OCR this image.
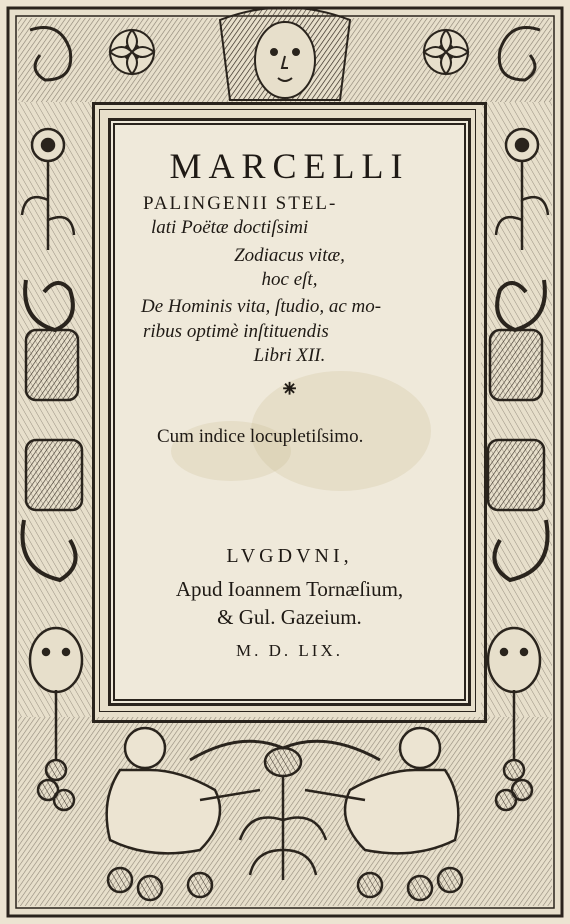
MARCELLI
PALINGENII STEL-
lati Poëtæ doctiſsimi
Zodiacus vitæ,
hoc eſt,
De Hominis vita, ſtudio, ac mo-
ribus optimè inſtituendis
Libri XII.
⁕
Cum indice locupletiſsimo.
LVGDVNI,
Apud Ioannem Tornæſium,
& Gul. Gazeium.
M. D. LIX.
